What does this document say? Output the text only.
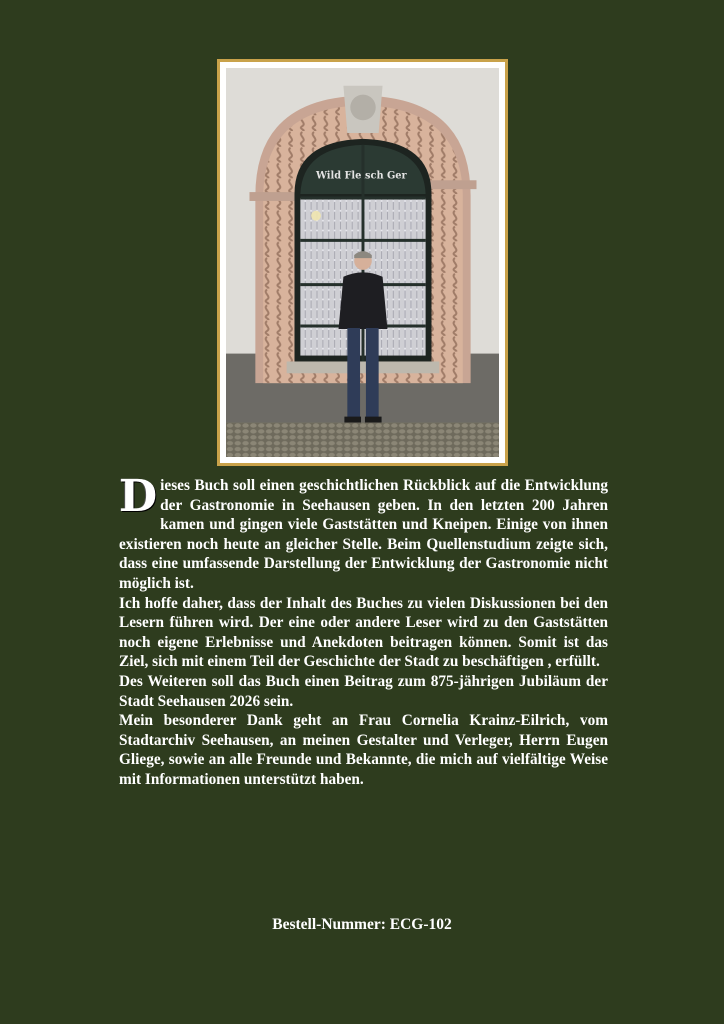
Wild Fleisch Ger

Dieses Buch soll einen geschichtlichen Rückblick auf die Entwicklung der Gastronomie in Seehausen geben. In den letzten 200 Jahren kamen und gingen viele Gaststätten und Kneipen. Einige von ihnen existieren noch heute an gleicher Stelle. Beim Quellenstudium zeigte sich, dass eine umfassende Darstellung der Entwicklung der Gastronomie nicht möglich ist.

Ich hoffe daher, dass der Inhalt des Buches zu vielen Diskussionen bei den Lesern führen wird. Der eine oder andere Leser wird zu den Gaststätten noch eigene Erlebnisse und Anekdoten beitragen können. Somit ist das Ziel, sich mit einem Teil der Geschichte der Stadt zu beschäftigen , erfüllt.

Des Weiteren soll das Buch einen Beitrag zum 875-jährigen Jubiläum der Stadt Seehausen 2026 sein.

Mein besonderer Dank geht an Frau Cornelia Krainz-Eilrich, vom Stadtarchiv Seehausen, an meinen Gestalter und Verleger, Herrn Eugen Gliege, sowie an alle Freunde und Bekannte, die mich auf vielfältige Weise mit Informationen unterstützt haben.

Bestell-Nummer: ECG-102
